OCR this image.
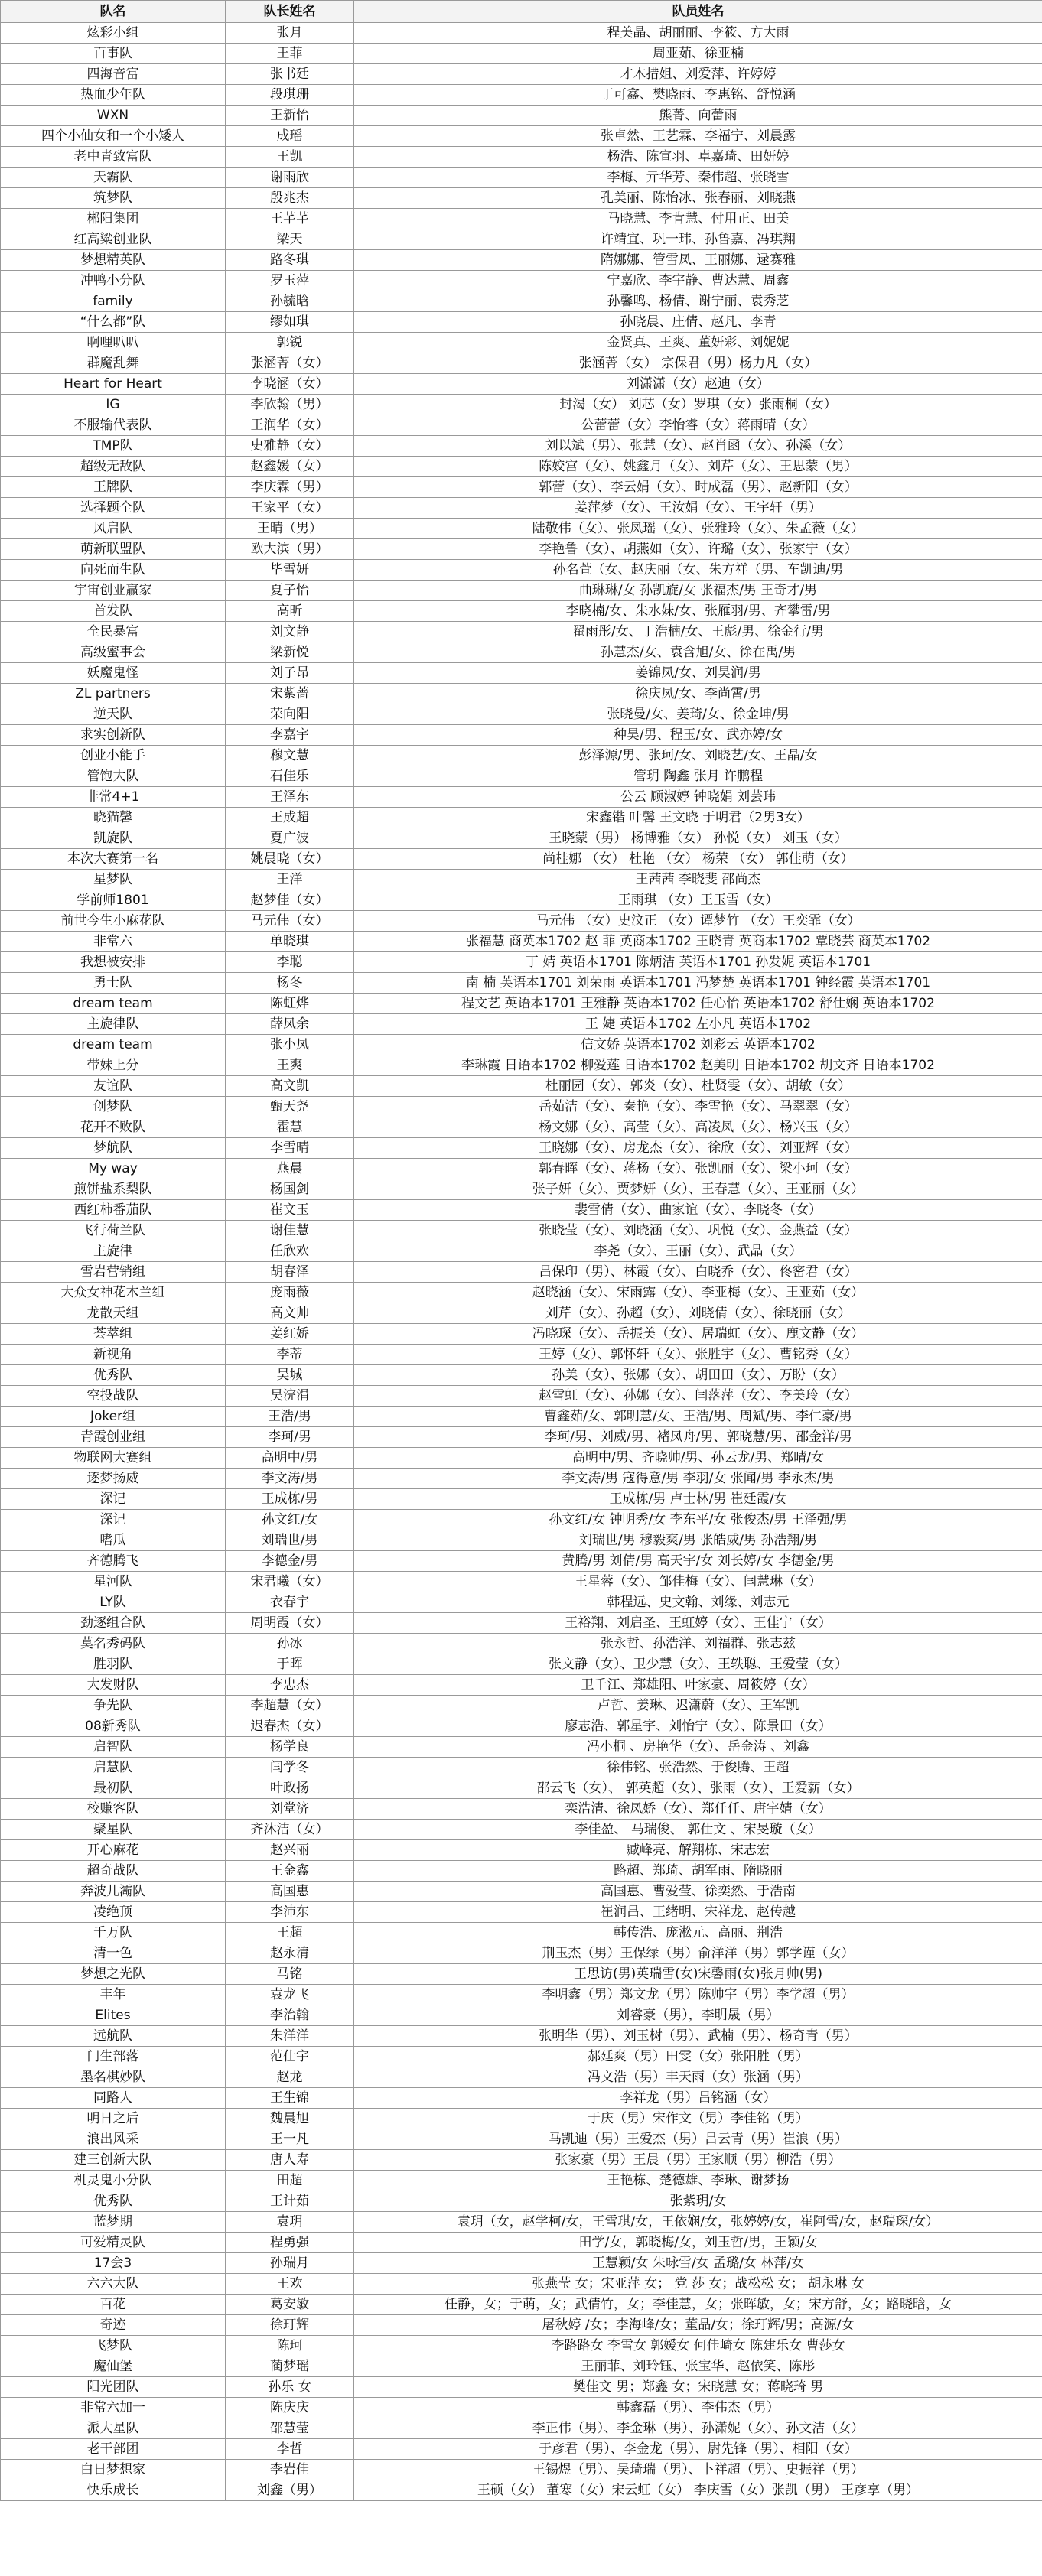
队名	队长姓名	队员姓名
炫彩小组	张月	程美晶、胡丽丽、李筱、方大雨
百事队	王菲	周亚茹、徐亚楠
四海音富	张书廷	才木措姐、刘爱萍、许婷婷
热血少年队	段琪珊	丁可鑫、樊晓雨、李惠铭、舒悦涵
WXN	王新怡	熊菁、向蕾雨
四个小仙女和一个小矮人	成瑶	张卓然、王艺霖、李福宁、刘晨露
老中青致富队	王凯	杨浩、陈宣羽、卓嘉琦、田妍婷
天霸队	谢雨欣	李梅、亓华芳、秦伟超、张晓雪
筑梦队	殷兆杰	孔美丽、陈怡冰、张春丽、刘晓燕
郴阳集团	王芊芊	马晓慧、李肯慧、付用正、田美
红高粱创业队	梁天	许靖宜、巩一玮、孙鲁嘉、冯琪翔
梦想精英队	路冬琪	隋娜娜、管雪凤、王丽娜、逯赛雅
冲鸭小分队	罗玉萍	宁嘉欣、李宇静、曹达慧、周鑫
family	孙毓晗	孙馨鸣、杨倩、谢宁丽、袁秀芝
“什么都”队	缪如琪	孙晓晨、庄倩、赵凡、李青
啊哩叭叭	郭锐	金贤真、王爽、董妍彩、刘妮妮
群魔乱舞	张涵菁（女）	张涵菁（女） 宗保君（男）杨力凡（女）
Heart for Heart	李晓涵（女）	刘潇潇（女）赵迪（女）
IG	李欣翰（男）	封渴（女） 刘芯（女）罗琪（女）张雨桐（女）
不服输代表队	王润华（女）	公蕾蕾（女）李怡睿（女）蒋雨晴（女）
TMP队	史雅静（女）	刘以斌（男）、张慧（女）、赵肖函（女）、孙溪（女）
超级无敌队	赵鑫媛（女）	陈姣宫（女）、姚鑫月（女）、刘芹（女）、王思蒙（男）
王牌队	李庆霖（男）	郭蕾（女）、李云娟（女）、时成磊（男）、赵新阳（女）
选择题全队	王家平（女）	姜萍梦（女）、王汝娟（女）、王宇轩（男）
风启队	王晴（男）	陆敬伟（女）、张凤瑶（女）、张雅玲（女）、朱孟薇（女）
萌新联盟队	欧大滨（男）	李艳鲁（女）、胡燕如（女）、许璐（女）、张家宁（女）
向死而生队	毕雪妍	孙名萱（女、赵庆丽（女、朱方祥（男、车凯迪/男
宇宙创业赢家	夏子怡	曲琳琳/女 孙凯旋/女 张福杰/男 王奇才/男
首发队	高昕	李晓楠/女、朱水妹/女、张雁羽/男、齐攀雷/男
全民暴富	刘文静	翟雨彤/女、丁浩楠/女、王彪/男、徐金行/男
高级蜜事会	梁新悦	孙慧杰/女、袁含旭/女、徐在禹/男
妖魔鬼怪	刘子昂	姜锦凤/女、刘昊润/男
ZL partners	宋紫蔷	徐庆凤/女、李尚霄/男
逆天队	荣向阳	张晓曼/女、姜琦/女、徐金坤/男
求实创新队	李嘉宇	种昊/男、程玉/女、武亦婷/女
创业小能手	穆文慧	彭泽源/男、张珂/女、刘晓艺/女、王晶/女
管饱大队	石佳乐	管玥 陶鑫 张月 许鹏程
非常4+1	王泽东	公云 顾淑婷 钟晓娟 刘芸玮
晓猫馨	王成超	宋鑫锴 叶馨 王文晓 于明君（2男3女）
凯旋队	夏广波	王晓蒙（男） 杨博雅（女） 孙悦（女） 刘玉（女）
本次大赛第一名	姚晨晓（女）	尚桂娜 （女） 杜艳 （女） 杨荣 （女） 郭佳萌（女）
星梦队	王洋	王茜茜 李晓斐 邵尚杰
学前师1801	赵梦佳（女）	王雨琪 （女）王玉雪（女）
前世今生小麻花队	马元伟（女）	马元伟 （女）史汶正 （女）谭梦竹 （女）王奕霏（女）
非常六	单晓琪	张福慧 商英本1702 赵 菲 英商本1702 王晓青 英商本1702 覃晓芸 商英本1702
我想被安排	李聪	丁 婧 英语本1701 陈炳洁 英语本1701 孙发妮 英语本1701
勇士队	杨冬	南 楠 英语本1701 刘荣雨 英语本1701 冯梦楚 英语本1701 钟经霞 英语本1701
dream team	陈虹烨	程文艺 英语本1701 王雅静 英语本1702 任心怡 英语本1702 舒仕娴 英语本1702
主旋律队	薛凤余	王 婕 英语本1702 左小凡 英语本1702
dream team	张小凤	信文娇 英语本1702 刘彩云 英语本1702
带妹上分	王爽	李琳霞 日语本1702 柳爱莲 日语本1702 赵美明 日语本1702 胡文齐 日语本1702
友谊队	高文凯	杜丽园（女）、郭炎（女）、杜贤雯（女）、胡敏（女）
创梦队	甄天尧	岳茹洁（女）、秦艳（女）、李雪艳（女）、马翠翠（女）
花开不败队	霍慧	杨文娜（女）、高莹（女）、高凌凤（女）、杨兴玉（女）
梦航队	李雪晴	王晓娜（女）、房龙杰（女）、徐欣（女）、刘亚辉（女）
My way	燕晨	郭春晖（女）、蒋杨（女）、张凯丽（女）、梁小珂（女）
煎饼盐系梨队	杨国剑	张子妍（女）、贾梦妍（女）、王春慧（女）、王亚丽（女）
西红柿番茄队	崔文玉	裴雪倩（女）、曲家谊（女）、李晓冬（女）
飞行荷兰队	谢佳慧	张晓莹（女）、刘晓涵（女）、巩悦（女）、金燕益（女）
主旋律	任欣欢	李尧（女）、王丽（女）、武晶（女）
雪岩营销组	胡春泽	吕保印（男）、林霞（女）、白晓乔（女）、佟密君（女）
大众女神花木兰组	庞雨薇	赵晓涵（女）、宋雨露（女）、李亚梅（女）、王亚茹（女）
龙散天组	高文帅	刘芹（女）、孙超（女）、刘晓倩（女）、徐晓丽（女）
荟萃组	姜红娇	冯晓琛（女）、岳振美（女）、居瑞虹（女）、鹿文静（女）
新视角	李蒂	王婷（女）、郭怀轩（女）、张胜宇（女）、曹铭秀（女）
优秀队	吴城	孙美（女）、张娜（女）、胡田田（女）、万盼（女）
空投战队	吴浣涓	赵雪虹（女）、孙娜（女）、闫落萍（女）、李美玲（女）
Joker组	王浩/男	曹鑫茹/女、郭明慧/女、王浩/男、周斌/男、李仁豪/男
青霞创业组	李珂/男	李珂/男、刘威/男、褚凤舟/男、郭晓慧/男、邵金洋/男
物联网大赛组	高明中/男	高明中/男、齐晓帅/男、孙云龙/男、郑晴/女
逐梦扬威	李文涛/男	李文涛/男 寇得意/男 李羽/女 张闻/男 李永杰/男
深记	王成栋/男	王成栋/男 卢士林/男 崔廷霞/女
深记	孙文红/女	孙文红/女 钟明秀/女 李东平/女 张俊杰/男 王泽强/男
嗜瓜	刘瑞世/男	刘瑞世/男 穆毅爽/男 张皓威/男 孙浩翔/男
齐德腾飞	李德金/男	黄腾/男 刘倩/男 高天宇/女 刘长婷/女 李德金/男
星河队	宋君曦（女）	王星蓉（女）、邹佳梅（女）、闫慧琳（女）
LY队	衣春宇	韩程远、史文翰、刘缘、刘志元
劲逐组合队	周明霞（女）	王裕翔、刘启圣、王虹婷（女）、王佳宁（女）
莫名秀码队	孙冰	张永哲、孙浩洋、刘福群、张志兹
胜羽队	于晖	张文静（女）、卫少慧（女）、王轶聪、王爱莹（女）
大发财队	李忠杰	卫千江、郑雄阳、叶家豪、周筱婷（女）
争先队	李超慧（女）	卢哲、姜琳、迟潇蔚（女）、王军凯
08新秀队	迟春杰（女）	廖志浩、郭星宇、刘怡宁（女）、陈景田（女）
启智队	杨学良	冯小桐 、房艳华（女）、岳金涛 、刘鑫
启慧队	闫学冬	徐伟铭、张浩然、于俊腾、王超
最初队	叶政扬	邵云飞（女）、 郭英超（女）、张雨（女）、王爱薪（女）
校赚客队	刘堂济	栾浩清、徐凤娇（女）、郑仟仟、唐宇婧（女）
聚星队	齐沐洁（女）	李佳盈、 马瑞俊、 郭仕文 、宋旻璇（女）
开心麻花	赵兴丽	臧峰亮、解翔栋、宋志宏
超奇战队	王金鑫	路超、郑琦、胡军雨、隋晓丽
奔波儿灞队	高国惠	高国惠、曹爱莹、徐奕然、于浩南
凌绝顶	李沛东	崔润昌、王绪明、宋祥龙、赵传越
千万队	王超	韩传浩、庞淞元、高丽、荆浩
清一色	赵永清	荆玉杰（男）王保绿（男）俞洋洋（男）郭学谨（女）
梦想之光队	马铭	王思访(男)英瑞雪(女)宋馨雨(女)张月帅(男)
丰年	袁龙飞	李明鑫（男）郑文龙（男）陈帅宇（男）李学超（男）
Elites	李治翰	刘睿豪（男），李明晟（男）
远航队	朱洋洋	张明华（男）、刘玉树（男）、武楠（男）、杨奇青（男）
门生部落	范仕宇	郝廷爽（男）田雯（女）张阳胜（男）
墨名棋妙队	赵龙	冯文浩（男）丰天雨（女）张涵（男）
同路人	王生锦	李祥龙（男）吕铭涵（女）
明日之后	魏晨旭	于庆（男）宋作文（男）李佳铭（男）
浪出风采	王一凡	马凯迪（男）王爱杰（男）吕云青（男）崔浪（男）
建三创新大队	唐人寿	张家豪（男）王晨（男）王家顺（男）柳浩（男）
机灵鬼小分队	田超	王艳栋、楚德雄、李琳、谢梦扬
优秀队	王计茹	张紫玥/女
蓝梦期	袁玥	袁玥（女，赵学柯/女，王雪琪/女，王依娴/女，张婷婷/女，崔阿雪/女，赵瑞琛/女）
可爱精灵队	程勇强	田学/女，郭晓梅/女，刘玉哲/男，王颖/女
17会3	孙瑞月	王慧颖/女 朱咏雪/女 孟璐/女 林萍/女
六六大队	王欢	张燕莹 女；宋亚萍 女； 党 莎 女；战松松 女； 胡永琳 女
百花	葛安敏	任静，女；于萌，女；武倩竹，女；李佳慧，女；张晖敏，女；宋方舒，女；路晓晗，女
奇迹	徐玎辉	屠秋婷 /女；李海峰/女；董晶/女；徐玎辉/男；高源/女
飞梦队	陈珂	李路路女 李雪女 郭媛女 何佳崎女 陈建乐女 曹莎女
魔仙堡	蔺梦瑶	王丽菲、刘玲钰、张宝华、赵依笑、陈彤
阳光团队	孙乐 女	樊佳文 男；郑鑫 女；宋晓慧 女；蒋晓琦 男
非常六加一	陈庆庆	韩鑫磊（男）、李伟杰（男）
派大星队	邵慧莹	李正伟（男）、李金琳（男）、孙潇妮（女）、孙文洁（女）
老干部团	李哲	于彦君（男）、李金龙（男）、尉先锋（男）、相阳（女）
白日梦想家	李岩佳	王锡煜（男）、吴琦瑞（男）、卜祥超（男）、史振祥（男）
快乐成长	刘鑫（男）	王硕（女） 董寒（女）宋云虹（女） 李庆雪（女）张凯（男） 王彦享（男）
